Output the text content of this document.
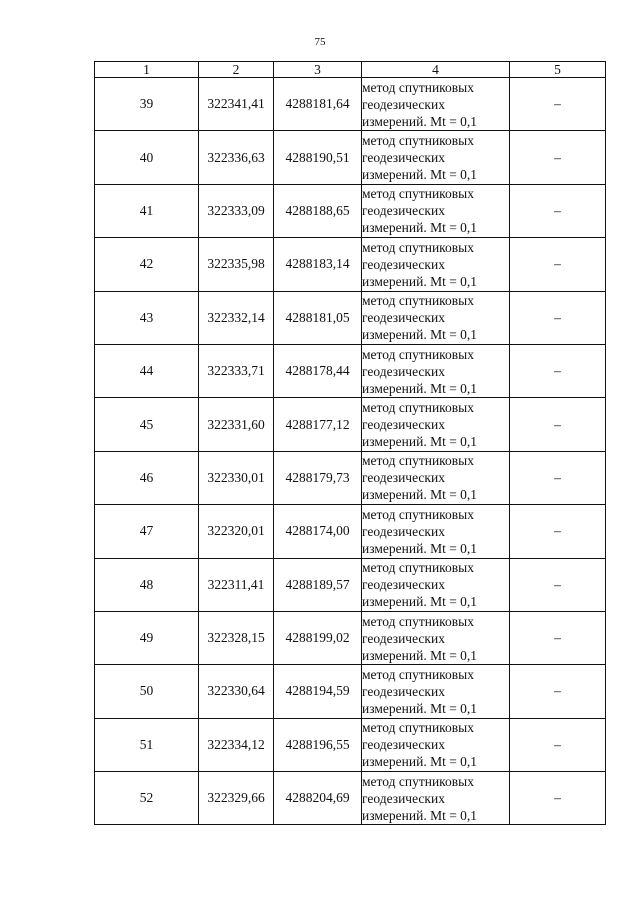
75
1	2	3	4	5
39	322341,41	4288181,64	метод спутниковых
геодезических
измерений. Mt = 0,1	–
40	322336,63	4288190,51	метод спутниковых
геодезических
измерений. Mt = 0,1	–
41	322333,09	4288188,65	метод спутниковых
геодезических
измерений. Mt = 0,1	–
42	322335,98	4288183,14	метод спутниковых
геодезических
измерений. Mt = 0,1	–
43	322332,14	4288181,05	метод спутниковых
геодезических
измерений. Mt = 0,1	–
44	322333,71	4288178,44	метод спутниковых
геодезических
измерений. Mt = 0,1	–
45	322331,60	4288177,12	метод спутниковых
геодезических
измерений. Mt = 0,1	–
46	322330,01	4288179,73	метод спутниковых
геодезических
измерений. Mt = 0,1	–
47	322320,01	4288174,00	метод спутниковых
геодезических
измерений. Mt = 0,1	–
48	322311,41	4288189,57	метод спутниковых
геодезических
измерений. Mt = 0,1	–
49	322328,15	4288199,02	метод спутниковых
геодезических
измерений. Mt = 0,1	–
50	322330,64	4288194,59	метод спутниковых
геодезических
измерений. Mt = 0,1	–
51	322334,12	4288196,55	метод спутниковых
геодезических
измерений. Mt = 0,1	–
52	322329,66	4288204,69	метод спутниковых
геодезических
измерений. Mt = 0,1	–
